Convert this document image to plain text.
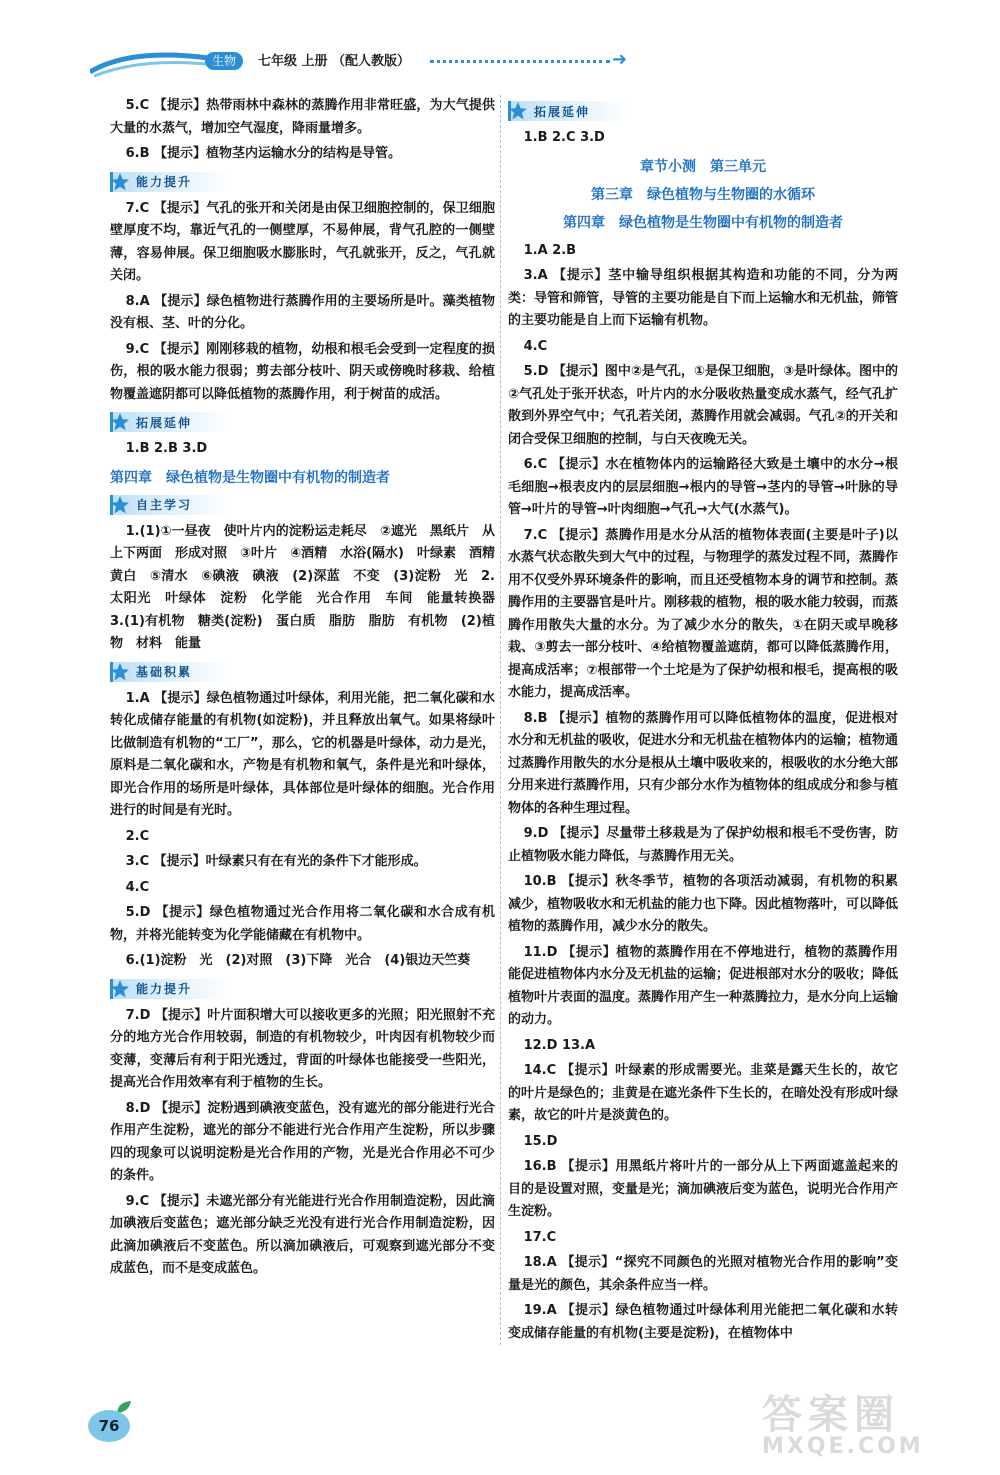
生物	七年级 上册 （配人教版）	➜

5.C 【提示】热带雨林中森林的蒸腾作用非常旺盛，为大气提供大量的水蒸气，增加空气湿度，降雨量增多。

6.B 【提示】植物茎内运输水分的结构是导管。

能力提升

7.C 【提示】气孔的张开和关闭是由保卫细胞控制的，保卫细胞壁厚度不均，靠近气孔的一侧壁厚，不易伸展，背气孔腔的一侧壁薄，容易伸展。保卫细胞吸水膨胀时，气孔就张开，反之，气孔就关闭。

8.A 【提示】绿色植物进行蒸腾作用的主要场所是叶。藻类植物没有根、茎、叶的分化。

9.C 【提示】刚刚移栽的植物，幼根和根毛会受到一定程度的损伤，根的吸水能力很弱；剪去部分枝叶、阴天或傍晚时移栽、给植物覆盖遮阴都可以降低植物的蒸腾作用，利于树苗的成活。

拓展延伸

1.B 2.B 3.D

第四章　绿色植物是生物圈中有机物的制造者
自主学习

1.(1)①一昼夜　使叶片内的淀粉运走耗尽　②遮光　黑纸片　从上下两面　形成对照　③叶片　④酒精　水浴(隔水)　叶绿素　酒精　黄白　⑤清水　⑥碘液　碘液　(2)深蓝　不变　(3)淀粉　光　2.太阳光　叶绿体　淀粉　化学能　光合作用　车间　能量转换器　3.(1)有机物　糖类(淀粉)　蛋白质　脂肪　脂肪　有机物　(2)植物　材料　能量

基础积累

1.A 【提示】绿色植物通过叶绿体，利用光能，把二氧化碳和水转化成储存能量的有机物(如淀粉)，并且释放出氧气。如果将绿叶比做制造有机物的“工厂”，那么，它的机器是叶绿体，动力是光，原料是二氧化碳和水，产物是有机物和氧气，条件是光和叶绿体，即光合作用的场所是叶绿体，具体部位是叶绿体的细胞。光合作用进行的时间是有光时。

2.C

3.C 【提示】叶绿素只有在有光的条件下才能形成。

4.C

5.D 【提示】绿色植物通过光合作用将二氧化碳和水合成有机物，并将光能转变为化学能储藏在有机物中。

6.(1)淀粉　光　(2)对照　(3)下降　光合　(4)银边天竺葵

能力提升

7.D 【提示】叶片面积增大可以接收更多的光照；阳光照射不充分的地方光合作用较弱，制造的有机物较少，叶肉因有机物较少而变薄，变薄后有利于阳光透过，背面的叶绿体也能接受一些阳光，提高光合作用效率有利于植物的生长。

8.D 【提示】淀粉遇到碘液变蓝色，没有遮光的部分能进行光合作用产生淀粉，遮光的部分不能进行光合作用产生淀粉，所以步骤四的现象可以说明淀粉是光合作用的产物，光是光合作用必不可少的条件。

9.C 【提示】未遮光部分有光能进行光合作用制造淀粉，因此滴加碘液后变蓝色；遮光部分缺乏光没有进行光合作用制造淀粉，因此滴加碘液后不变蓝色。所以滴加碘液后，可观察到遮光部分不变成蓝色，而不是变成蓝色。

拓展延伸

1.B 2.C 3.D

章节小测　第三单元
第三章　绿色植物与生物圈的水循环
第四章　绿色植物是生物圈中有机物的制造者

1.A 2.B

3.A 【提示】茎中输导组织根据其构造和功能的不同，分为两类：导管和筛管，导管的主要功能是自下而上运输水和无机盐，筛管的主要功能是自上而下运输有机物。

4.C

5.D 【提示】图中②是气孔，①是保卫细胞，③是叶绿体。图中的②气孔处于张开状态，叶片内的水分吸收热量变成水蒸气，经气孔扩散到外界空气中；气孔若关闭，蒸腾作用就会减弱。气孔②的开关和闭合受保卫细胞的控制，与白天夜晚无关。

6.C 【提示】水在植物体内的运输路径大致是土壤中的水分→根毛细胞→根表皮内的层层细胞→根内的导管→茎内的导管→叶脉的导管→叶片的导管→叶肉细胞→气孔→大气(水蒸气)。

7.C 【提示】蒸腾作用是水分从活的植物体表面(主要是叶子)以水蒸气状态散失到大气中的过程，与物理学的蒸发过程不同，蒸腾作用不仅受外界环境条件的影响，而且还受植物本身的调节和控制。蒸腾作用的主要器官是叶片。刚移栽的植物，根的吸水能力较弱，而蒸腾作用散失大量的水分。为了减少水分的散失，①在阴天或早晚移栽、③剪去一部分枝叶、④给植物覆盖遮荫，都可以降低蒸腾作用，提高成活率；⑦根部带一个土坨是为了保护幼根和根毛，提高根的吸水能力，提高成活率。

8.B 【提示】植物的蒸腾作用可以降低植物体的温度，促进根对水分和无机盐的吸收，促进水分和无机盐在植物体内的运输；植物通过蒸腾作用散失的水分是根从土壤中吸收来的，根吸收的水分绝大部分用来进行蒸腾作用，只有少部分水作为植物体的组成成分和参与植物体的各种生理过程。

9.D 【提示】尽量带土移栽是为了保护幼根和根毛不受伤害，防止植物吸水能力降低，与蒸腾作用无关。

10.B 【提示】秋冬季节，植物的各项活动减弱，有机物的积累减少，植物吸收水和无机盐的能力也下降。因此植物落叶，可以降低植物的蒸腾作用，减少水分的散失。

11.D 【提示】植物的蒸腾作用在不停地进行，植物的蒸腾作用能促进植物体内水分及无机盐的运输；促进根部对水分的吸收；降低植物叶片表面的温度。蒸腾作用产生一种蒸腾拉力，是水分向上运输的动力。

12.D 13.A

14.C 【提示】叶绿素的形成需要光。韭菜是露天生长的，故它的叶片是绿色的；韭黄是在遮光条件下生长的，在暗处没有形成叶绿素，故它的叶片是淡黄色的。

15.D

16.B 【提示】用黑纸片将叶片的一部分从上下两面遮盖起来的目的是设置对照，变量是光；滴加碘液后变为蓝色，说明光合作用产生淀粉。

17.C

18.A 【提示】“探究不同颜色的光照对植物光合作用的影响”变量是光的颜色，其余条件应当一样。

19.A 【提示】绿色植物通过叶绿体利用光能把二氧化碳和水转变成储存能量的有机物(主要是淀粉)，在植物体中

76	答案圈
MXQE.COM
